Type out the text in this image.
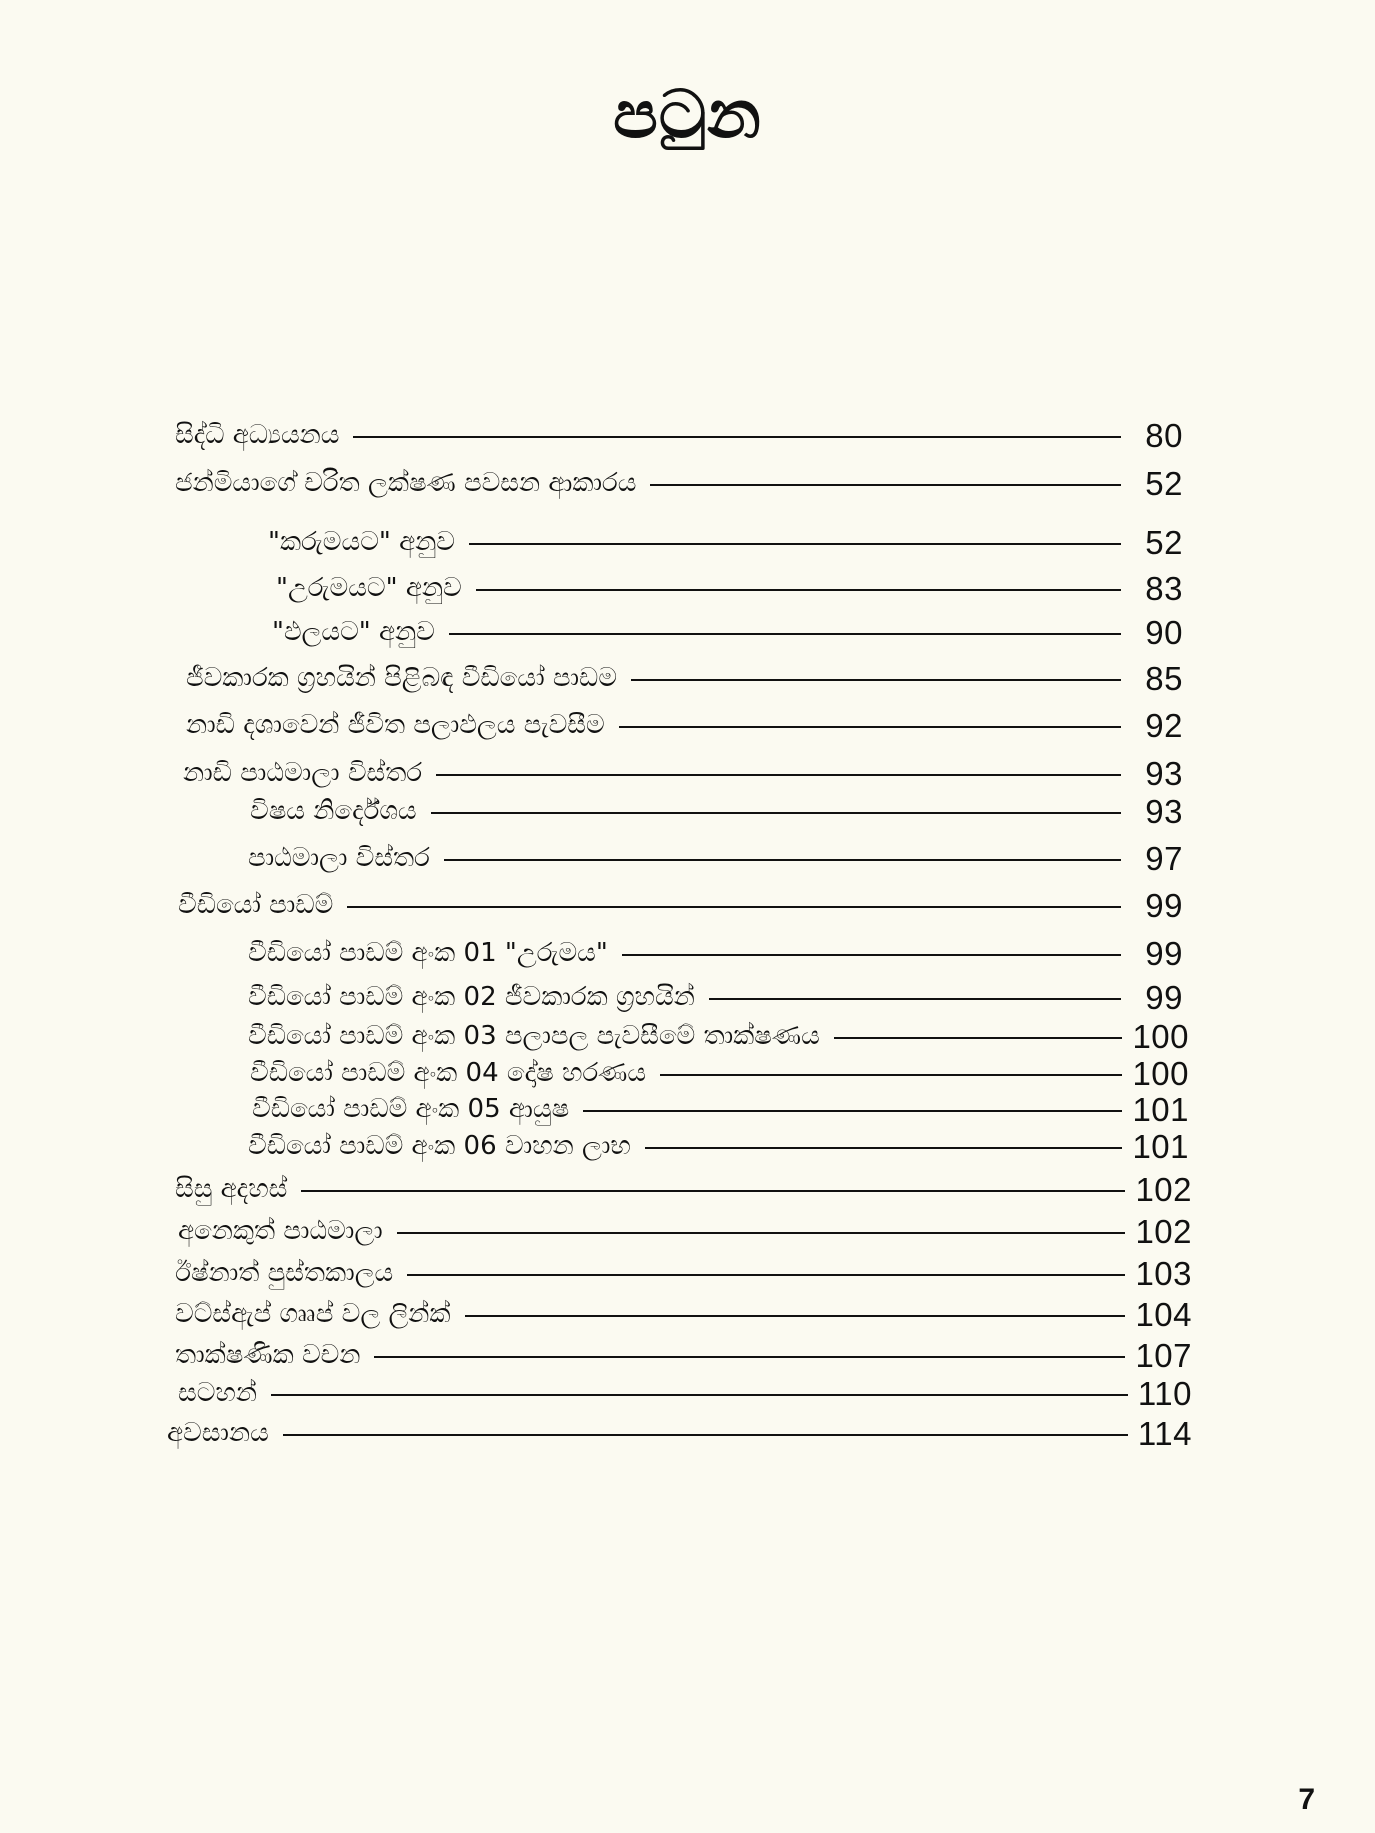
පටුන
සිද්ධි අධ්‍යයනය	80
ජන්මියාගේ චරිත ලක්ෂණ පවසන ආකාරය	52
"කරුමයට" අනුව	52
"උරුමයට" අනුව	83
"ඵලයට" අනුව	90
ජීවකාරක ග්‍රහයින් පිළිබඳ වීඩියෝ පාඩම	85
නාඩි දශාවෙන් ජීවිත පලාඵලය පැවසීම	92
නාඩි පාඨමාලා විස්තර	93
විෂය නිර්දේශය	93
පාඨමාලා විස්තර	97
වීඩියෝ පාඩම්	99
වීඩියෝ පාඩම් අංක 01 "උරුමය"	99
වීඩියෝ පාඩම් අංක 02 ජීවකාරක ග්‍රහයින්	99
වීඩියෝ පාඩම් අංක 03 පලාපල පැවසීමේ තාක්ෂණය	100
වීඩියෝ පාඩම් අංක 04 දෝෂ හරණය	100
වීඩියෝ පාඩම් අංක 05 ආයුෂ	101
වීඩියෝ පාඩම් අංක 06 වාහන ලාභ	101
සිසු අදහස්	102
අනෙකුත් පාඨමාලා	102
ඊෂ්නාත් පුස්තකාලය	103
වට්ස්ඇප් ගෲප් වල ලින්ක්	104
තාක්ෂණික වචන	107
සටහන්	110
අවසානය	114
7
